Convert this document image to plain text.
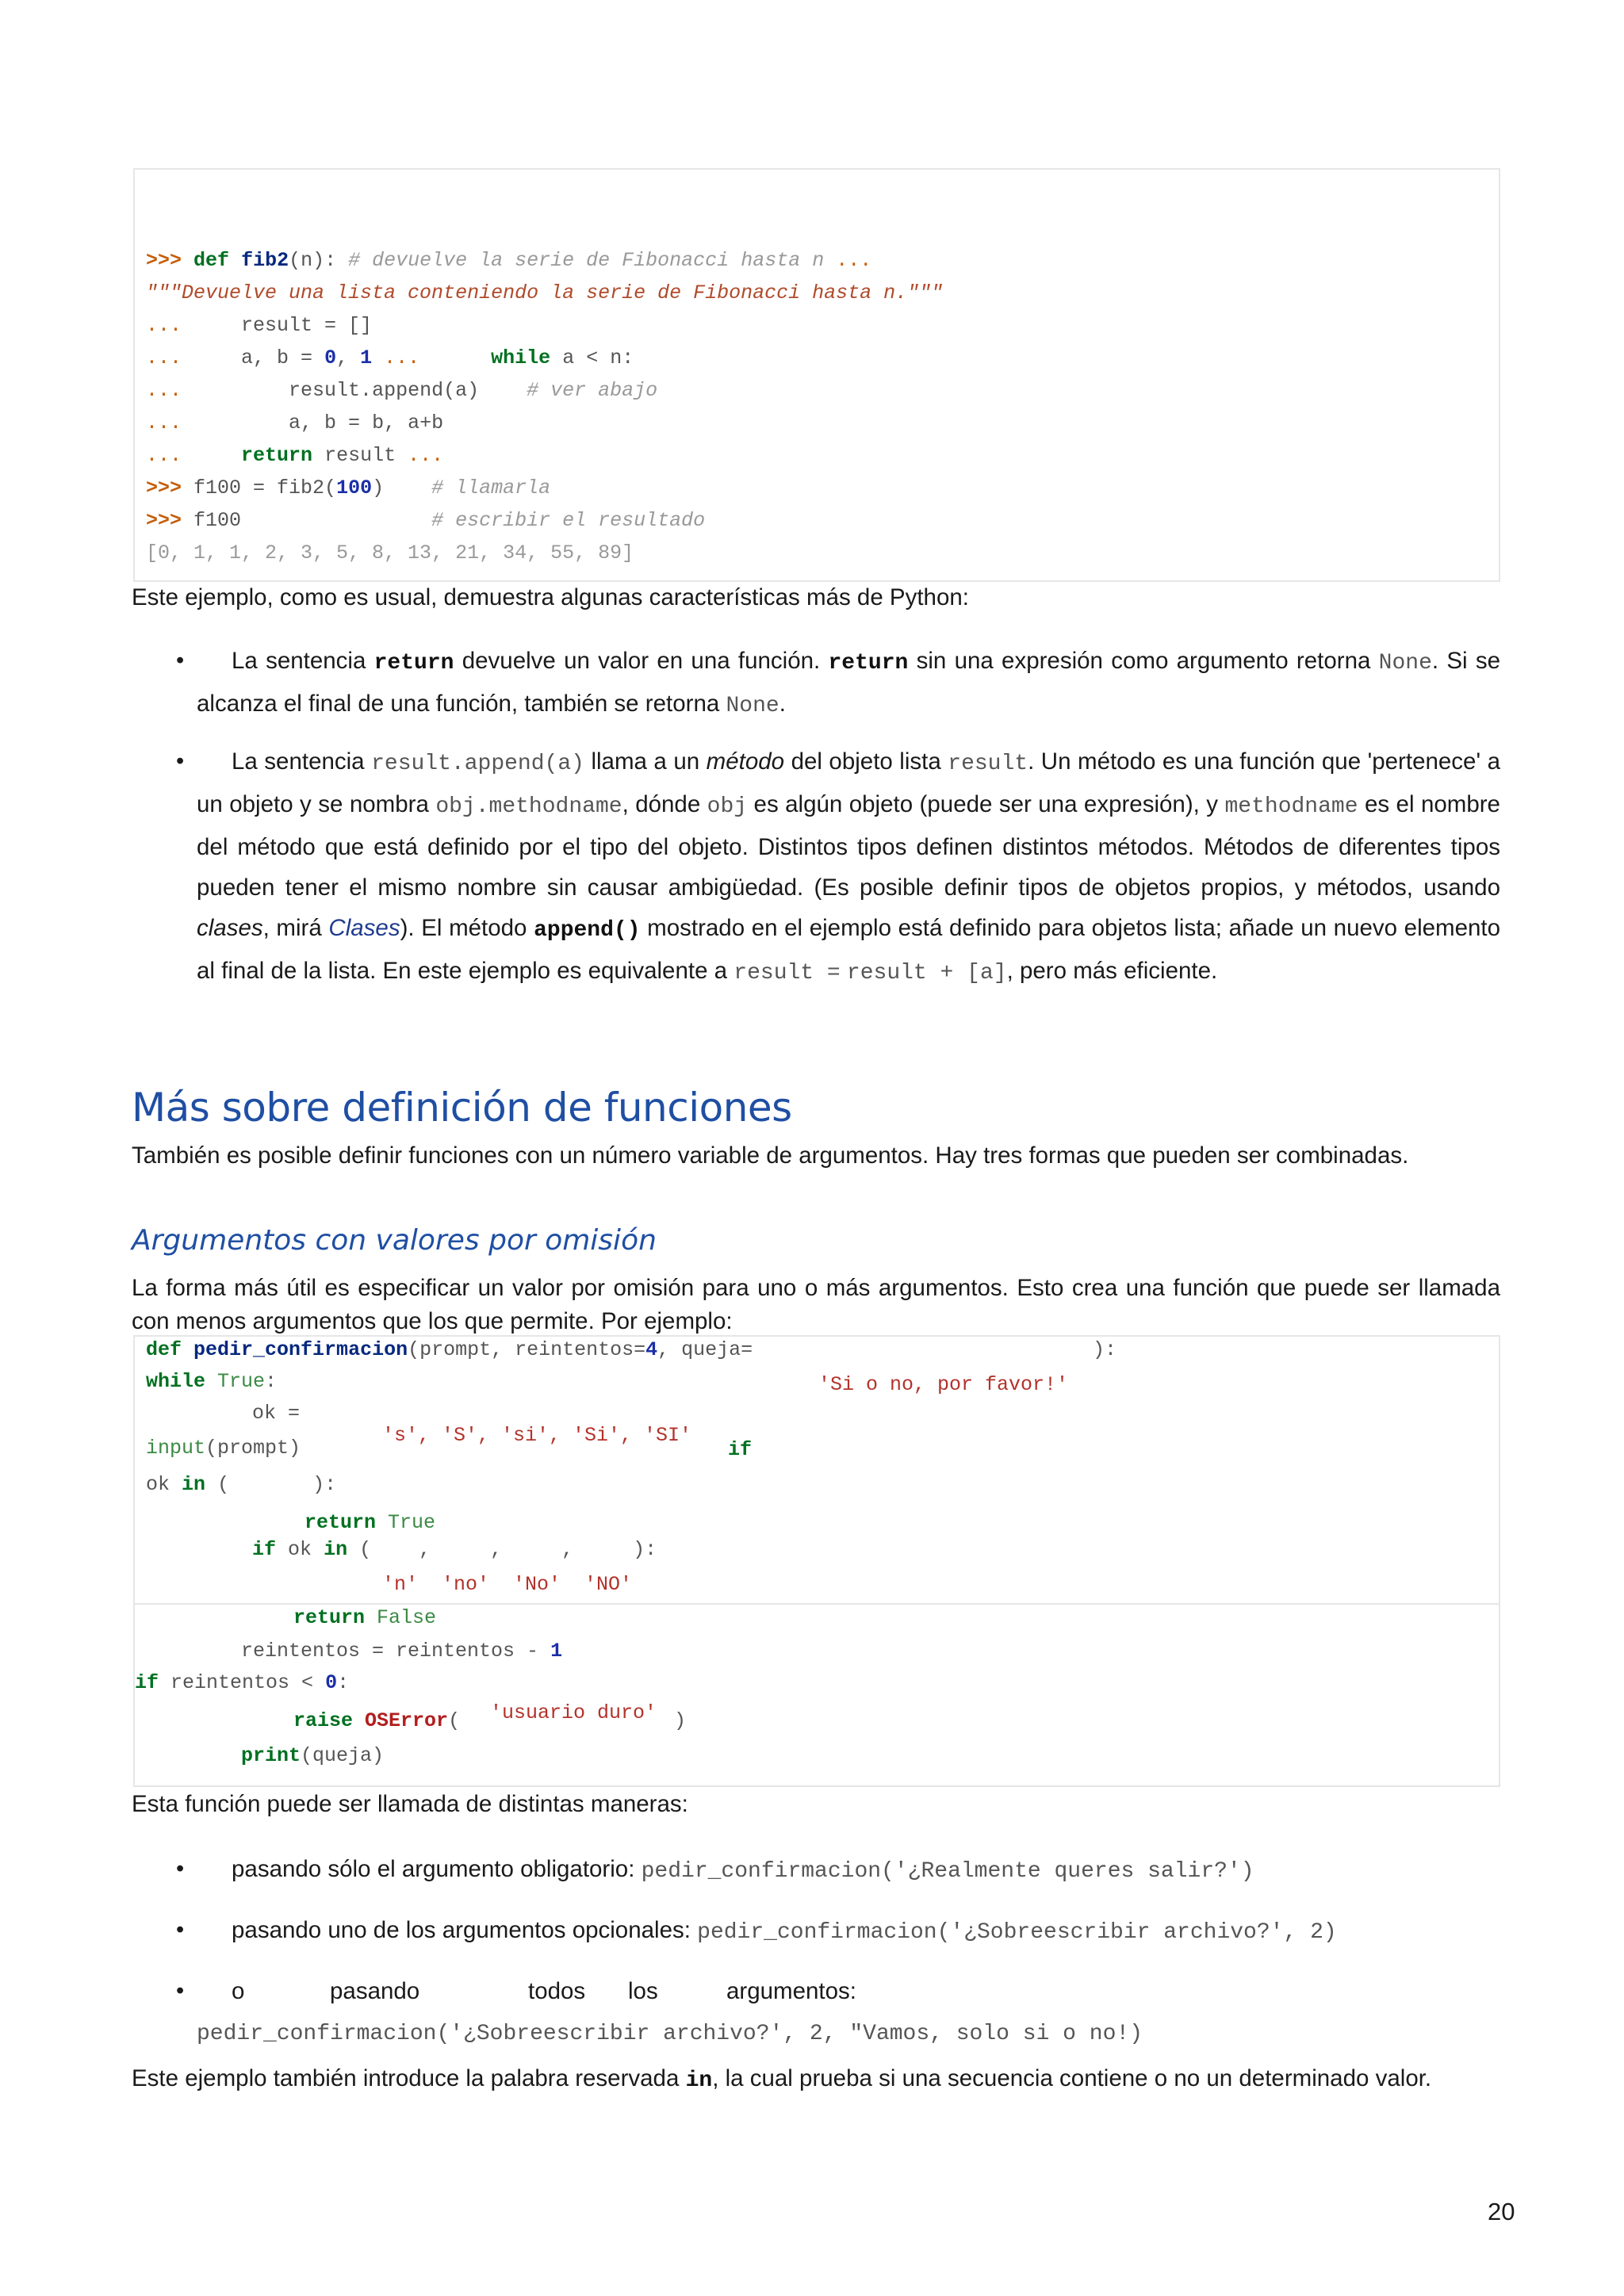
>>> def fib2(n): # devuelve la serie de Fibonacci hasta n ...
"""Devuelve una lista conteniendo la serie de Fibonacci hasta n."""
...	result = []
...	a, b = 0, 1 ...	while a < n:
...	result.append(a) # ver abajo
...	a, b = b, a+b
...	return result ...
>>> f100 = fib2(100) # llamarla
>>> f100	# escribir el resultado
[0, 1, 1, 2, 3, 5, 8, 13, 21, 34, 55, 89]
Este ejemplo, como es usual, demuestra algunas características más de Python:
•	La sentencia return devuelve un valor en una función. return sin una expresión como argumento retorna None. Si se alcanza el final de una función, también se retorna None.
•	La sentencia result.append(a) llama a un método del objeto lista result. Un método es una función que 'pertenece' a un objeto y se nombra obj.methodname, dónde obj es algún objeto (puede ser una expresión), y methodname es el nombre del método que está definido por el tipo del objeto. Distintos tipos definen distintos métodos. Métodos de diferentes tipos pueden tener el mismo nombre sin causar ambigüedad. (Es posible definir tipos de objetos propios, y métodos, usando clases, mirá Clases). El método append() mostrado en el ejemplo está definido para objetos lista; añade un nuevo elemento al final de la lista. En este ejemplo es equivalente a result = result + [a], pero más eficiente.
Más sobre definición de funciones
También es posible definir funciones con un número variable de argumentos. Hay tres formas que pueden ser combinadas.
Argumentos con valores por omisión
La forma más útil es especificar un valor por omisión para uno o más argumentos. Esto crea una función que puede ser llamada con menos argumentos que los que permite. Por ejemplo:
def pedir_confirmacion(prompt, reintentos=4, queja=	):
while True:	'Si o no, por favor!'
ok =
's', 'S', 'si', 'Si', 'SI'
if
input(prompt)
ok in (	):
return True
if ok in (    ,     ,     ,     ):
'n'  'no'  'No'  'NO'
return False
reintentos = reintentos - 1
if reintentos < 0:
raise OSError( 'usuario duro' )
print(queja)
Esta función puede ser llamada de distintas maneras:
•	pasando sólo el argumento obligatorio: pedir_confirmacion('¿Realmente queres salir?')
•	pasando uno de los argumentos opcionales: pedir_confirmacion('¿Sobreescribir archivo?', 2)
• o	pasando	todos los	argumentos:
pedir_confirmacion('¿Sobreescribir archivo?', 2, "Vamos, solo si o no!)
Este ejemplo también introduce la palabra reservada in, la cual prueba si una secuencia contiene o no un determinado valor.
20
